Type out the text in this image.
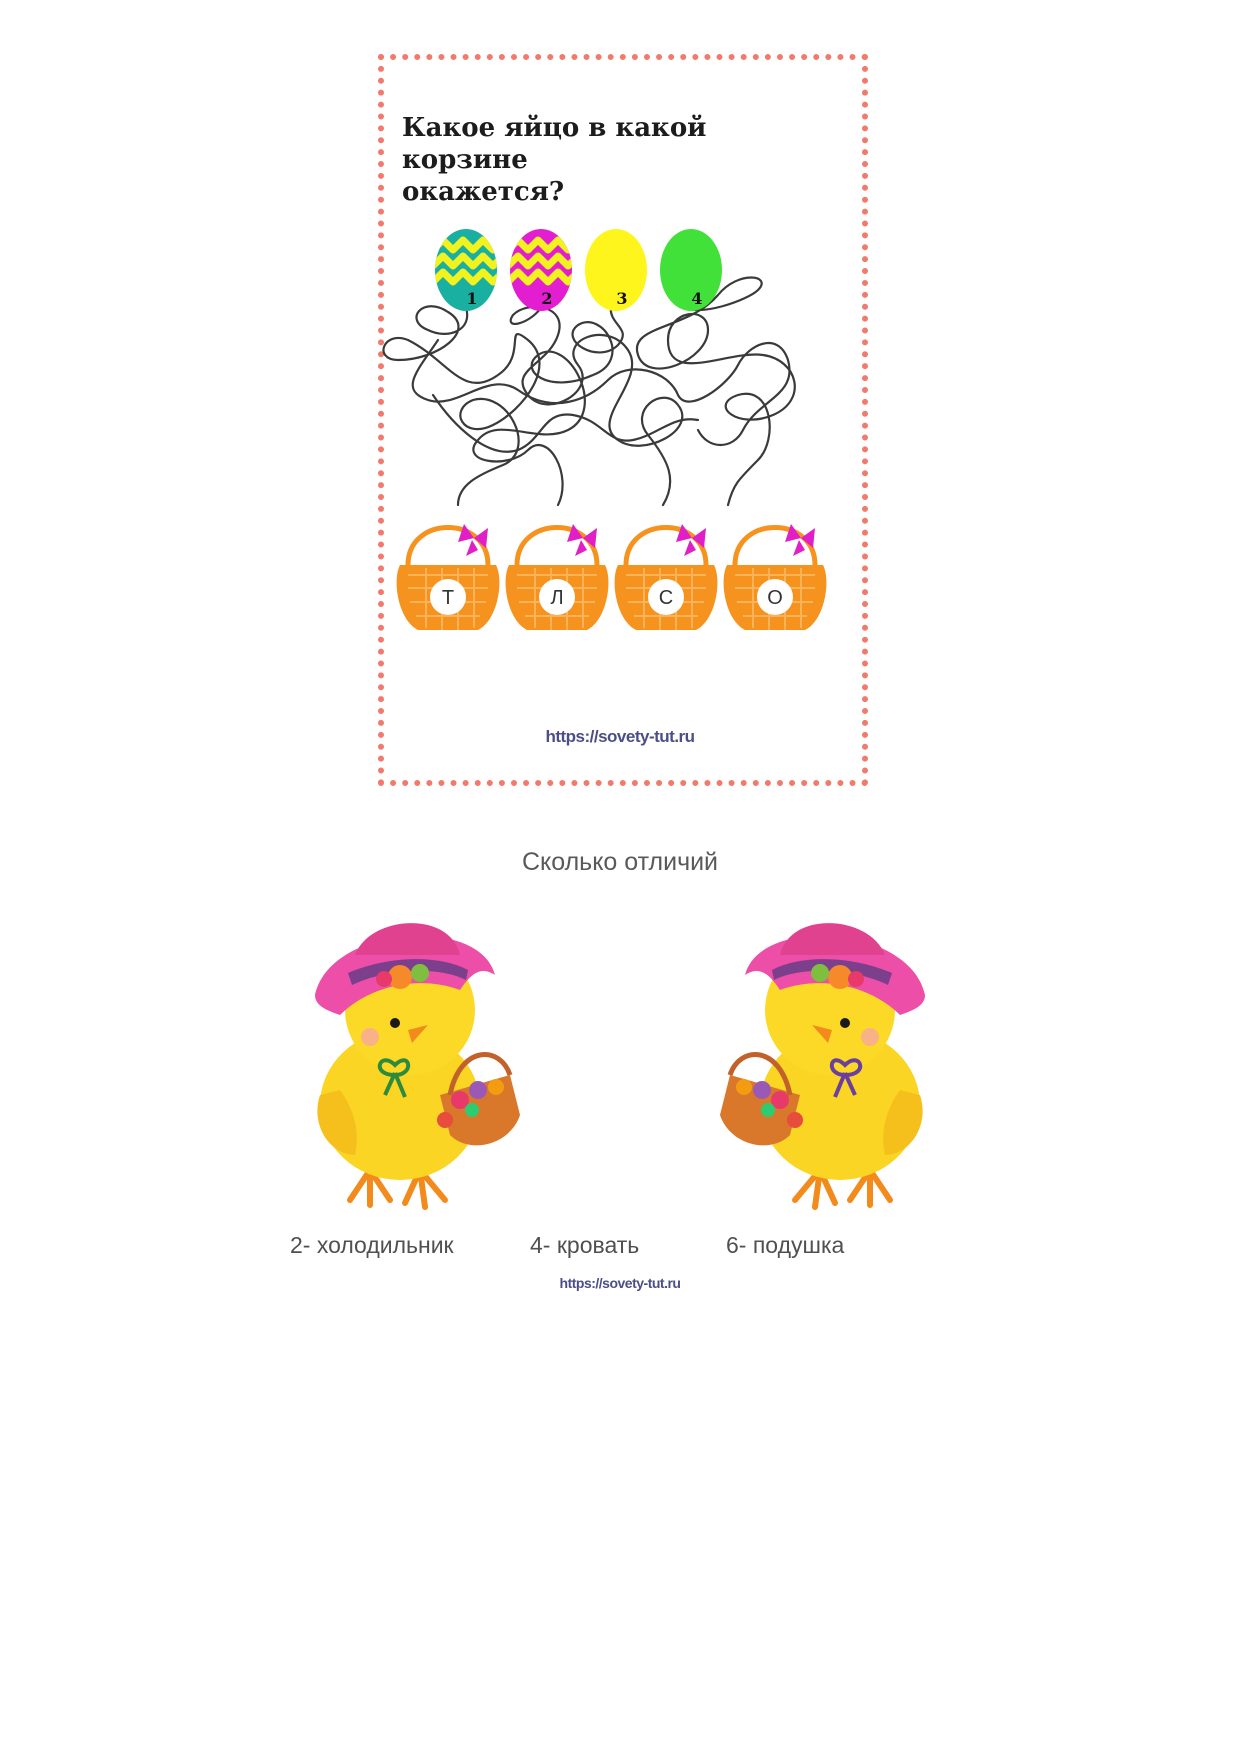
Какое яйцо в какой корзине
окажется?
1	2	3	4
Т	Л	С	О
https://sovety-tut.ru
Сколько отличий
2- холодильник	4- кровать	6- подушка
https://sovety-tut.ru
